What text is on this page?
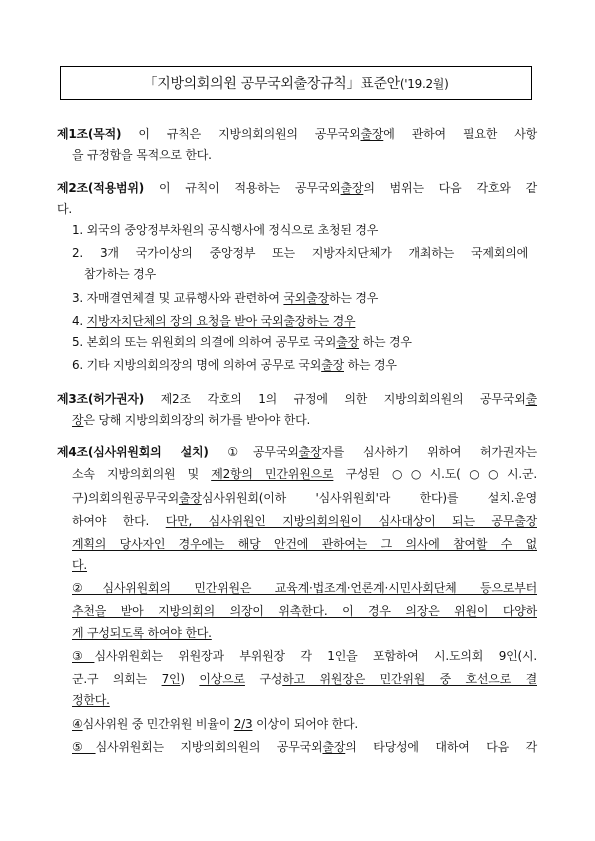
「지방의회의원 공무국외출장규칙」표준안 ('19.2월)
제1조(목적) 이 규칙은 지방의회의원의 공무국외출장에 관하여 필요한 사항
을 규정함을 목적으로 한다.
제2조(적용범위) 이 규칙이 적용하는 공무국외출장의 범위는 다음 각호와 같
다.
1. 외국의 중앙정부차원의 공식행사에 정식으로 초청된 경우
2. 3개 국가이상의 중앙정부 또는 지방자치단체가 개최하는 국제회의에
참가하는 경우
3. 자매결연체결 및 교류행사와 관련하여 국외출장하는 경우
4. 지방자치단체의 장의 요청을 받아 국외출장하는 경우
5. 본회의 또는 위원회의 의결에 의하여 공무로 국외출장 하는 경우
6. 기타 지방의회의장의 명에 의하여 공무로 국외출장 하는 경우
제3조(허가권자) 제2조 각호의 1의 규정에 의한 지방의회의원의 공무국외출
장은 당해 지방의회의장의 허가를 받아야 한다.
제4조(심사위원회의 설치) ①공무국외출장자를 심사하기 위하여 허가권자는
소속 지방의회의원 및 제2항의 민간위원으로 구성된 ○○시.도(○○시.군.
구)의회의원공무국외출장심사위원회(이하 '심사위원회'라 한다)를 설치.운영
하여야 한다. 다만, 심사위원인 지방의회의원이 심사대상이 되는 공무출장
계획의 당사자인 경우에는 해당 안건에 관하여는 그 의사에 참여할 수 없
다.
②심사위원회의 민간위원은 교육계·법조계·언론계·시민사회단체 등으로부터
추천을 받아 지방의회의 의장이 위촉한다. 이 경우 의장은 위원이 다양하
게 구성되도록 하여야 한다.
③심사위원회는 위원장과 부위원장 각 1인을 포함하여 시.도의회 9인(시.
군.구 의회는 7인) 이상으로 구성하고 위원장은 민간위원 중 호선으로 결
정한다.
④심사위원 중 민간위원 비율이 2/3 이상이 되어야 한다.
⑤심사위원회는 지방의회의원의 공무국외출장의 타당성에 대하여 다음 각
